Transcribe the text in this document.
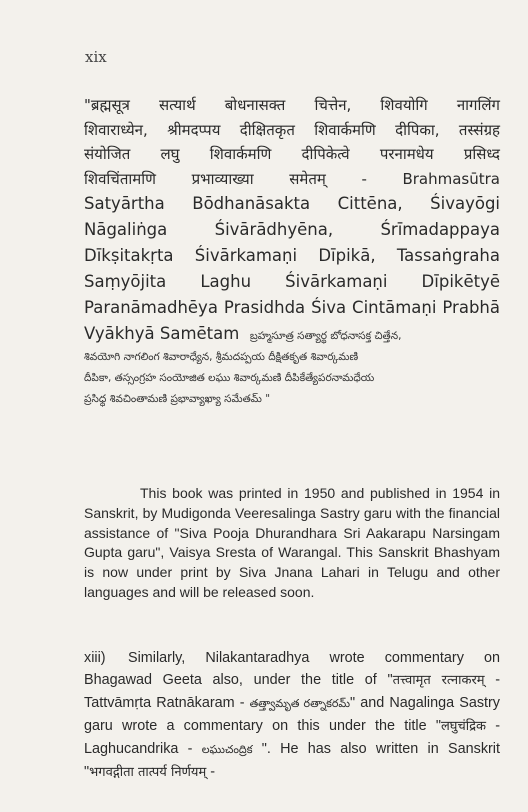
xix
"ब्रह्मसूत्र सत्यार्थ बोधनासक्त चित्तेन, शिवयोगि नागलिंग
शिवाराध्येन, श्रीमदप्पय दीक्षितकृत शिवार्कमणि दीपिका, तस्संग्रह
संयोजित लघु शिवार्कमणि दीपिकेत्वे परनामधेय प्रसिध्द
शिवचिंतामणि प्रभाव्याख्या समेतम् - Brahmasūtra
Satyārtha Bōdhanāsakta Cittēna, Śivayōgi
Nāgaliṅga Śivārādhyēna, Śrīmadappaya
Dīkṣitakṛta Śivārkamaṇi Dīpikā, Tassaṅgraha
Saṃyōjita Laghu Śivārkamaṇi Dīpikētyē
Paranāmadhēya Prasidhda Śiva Cintāmaṇi Prabhā
Vyākhyā Samētam బ్రహ్మసూత్ర సత్యార్థ బోధనాసక్త చిత్తేన,
శివయోగి నాగలింగ శివారాధ్యేన, శ్రీమదప్పయ దీక్షితకృత శివార్కమణి
దీపికా, తస్సంగ్రహ సంయోజిత లఘు శివార్కమణి దీపికేత్యేపరనామధేయ
ప్రసిధ్ధ శివచింతామణి ప్రభావ్యాఖ్యా సమేతమ్ "

This book was printed in 1950 and published in 1954 in Sanskrit, by Mudigonda Veeresalinga Sastry garu with the financial assistance of "Siva Pooja Dhurandhara Sri Aakarapu Narsingam Gupta garu", Vaisya Sresta of Warangal. This Sanskrit Bhashyam is now under print by Siva Jnana Lahari in Telugu and other languages and will be released soon.

xiii) Similarly, Nilakantaradhya wrote commentary on Bhagawad Geeta also, under the title of "तत्त्वामृत रत्नाकरम् - Tattvāmṛta Ratnākaram - తత్త్వామృత రత్నాకరమ్" and Nagalinga Sastry garu wrote a commentary on this under the title "लघुचंद्रिक - Laghucandrika - లఘుచంద్రిక ". He has also written in Sanskrit "भगवद्गीता तात्पर्य निर्णयम् -
